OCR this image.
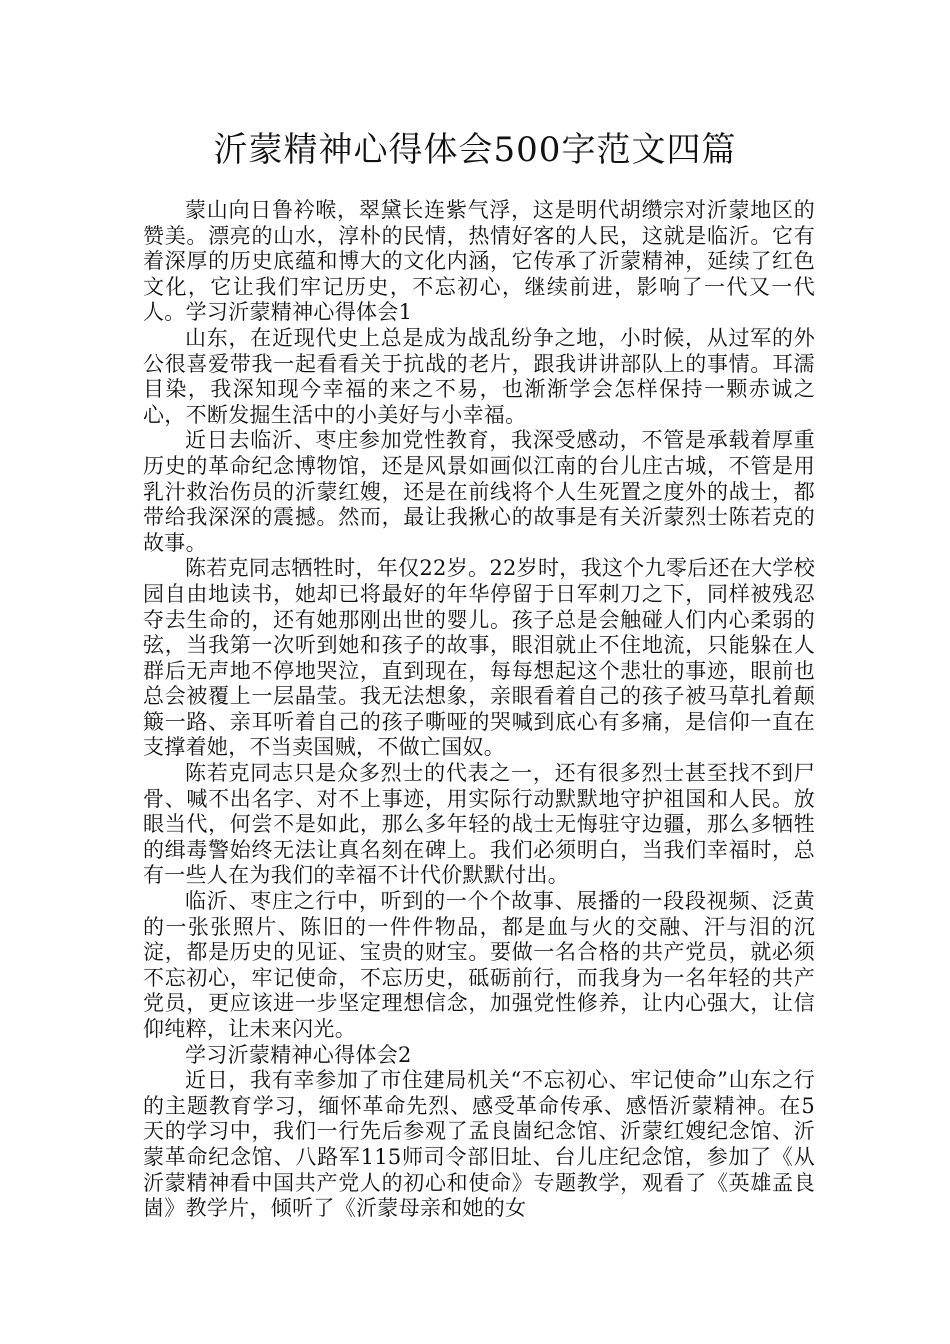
沂蒙精神心得体会500字范文四篇

蒙山向日鲁衿喉，翠黛长连紫气浮，这是明代胡缵宗对沂蒙地区的赞美。漂亮的山水，淳朴的民情，热情好客的人民，这就是临沂。它有着深厚的历史底蕴和博大的文化内涵，它传承了沂蒙精神，延续了红色文化，它让我们牢记历史，不忘初心，继续前进，影响了一代又一代人。学习沂蒙精神心得体会1

山东，在近现代史上总是成为战乱纷争之地，小时候，从过军的外公很喜爱带我一起看看关于抗战的老片，跟我讲讲部队上的事情。耳濡目染，我深知现今幸福的来之不易，也渐渐学会怎样保持一颗赤诚之心，不断发掘生活中的小美好与小幸福。

近日去临沂、枣庄参加党性教育，我深受感动，不管是承载着厚重历史的革命纪念博物馆，还是风景如画似江南的台儿庄古城，不管是用乳汁救治伤员的沂蒙红嫂，还是在前线将个人生死置之度外的战士，都带给我深深的震撼。然而，最让我揪心的故事是有关沂蒙烈士陈若克的故事。

陈若克同志牺牲时，年仅22岁。22岁时，我这个九零后还在大学校园自由地读书，她却已将最好的年华停留于日军刺刀之下，同样被残忍夺去生命的，还有她那刚出世的婴儿。孩子总是会触碰人们内心柔弱的弦，当我第一次听到她和孩子的故事，眼泪就止不住地流，只能躲在人群后无声地不停地哭泣，直到现在，每每想起这个悲壮的事迹，眼前也总会被覆上一层晶莹。我无法想象，亲眼看着自己的孩子被马草扎着颠簸一路、亲耳听着自己的孩子嘶哑的哭喊到底心有多痛，是信仰一直在支撑着她，不当卖国贼，不做亡国奴。

陈若克同志只是众多烈士的代表之一，还有很多烈士甚至找不到尸骨、喊不出名字、对不上事迹，用实际行动默默地守护祖国和人民。放眼当代，何尝不是如此，那么多年轻的战士无悔驻守边疆，那么多牺牲的缉毒警始终无法让真名刻在碑上。我们必须明白，当我们幸福时，总有一些人在为我们的幸福不计代价默默付出。

临沂、枣庄之行中，听到的一个个故事、展播的一段段视频、泛黄的一张张照片、陈旧的一件件物品，都是血与火的交融、汗与泪的沉淀，都是历史的见证、宝贵的财宝。要做一名合格的共产党员，就必须不忘初心，牢记使命，不忘历史，砥砺前行，而我身为一名年轻的共产党员，更应该进一步坚定理想信念，加强党性修养，让内心强大，让信仰纯粹，让未来闪光。

学习沂蒙精神心得体会2

近日，我有幸参加了市住建局机关“不忘初心、牢记使命”山东之行的主题教育学习，缅怀革命先烈、感受革命传承、感悟沂蒙精神。在5天的学习中，我们一行先后参观了孟良崮纪念馆、沂蒙红嫂纪念馆、沂蒙革命纪念馆、八路军115师司令部旧址、台儿庄纪念馆，参加了《从沂蒙精神看中国共产党人的初心和使命》专题教学，观看了《英雄孟良崮》教学片，倾听了《沂蒙母亲和她的女
